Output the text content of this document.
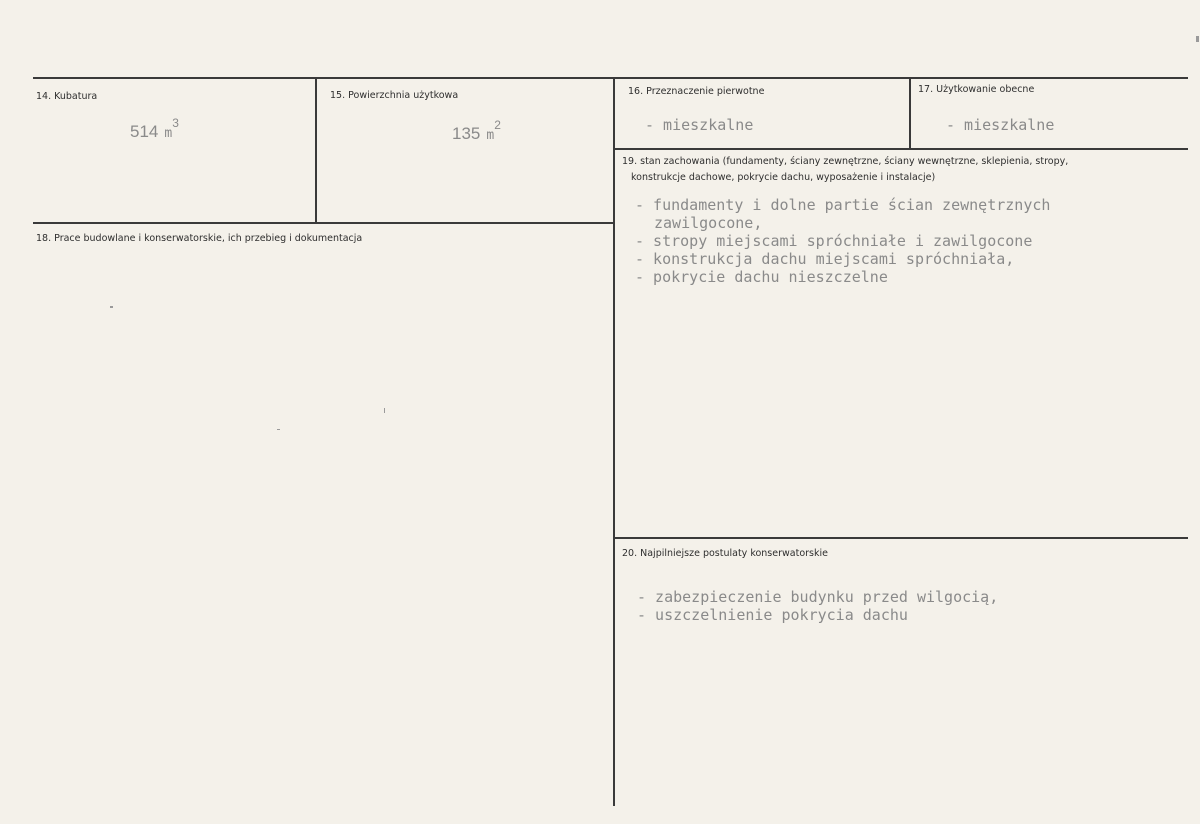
14. Kubatura
514 $m^3$
15. Powierzchnia użytkowa
135 $m^2$
16. Przeznaczenie pierwotne
- mieszkalne
17. Użytkowanie obecne
- mieszkalne
18. Prace budowlane i konserwatorskie, ich przebieg i dokumentacja
19. stan zachowania (fundamenty, ściany zewnętrzne, ściany wewnętrzne, sklepienia, stropy,
konstrukcje dachowe, pokrycie dachu, wyposażenie i instalacje)
- fundamenty i dolne partie ścian zewnętrznych
zawilgocone,
- stropy miejscami spróchniałe i zawilgocone
- konstrukcja dachu miejscami spróchniała,
- pokrycie dachu nieszczelne
20. Najpilniejsze postulaty konserwatorskie
- zabezpieczenie budynku przed wilgocią,
- uszczelnienie pokrycia dachu
